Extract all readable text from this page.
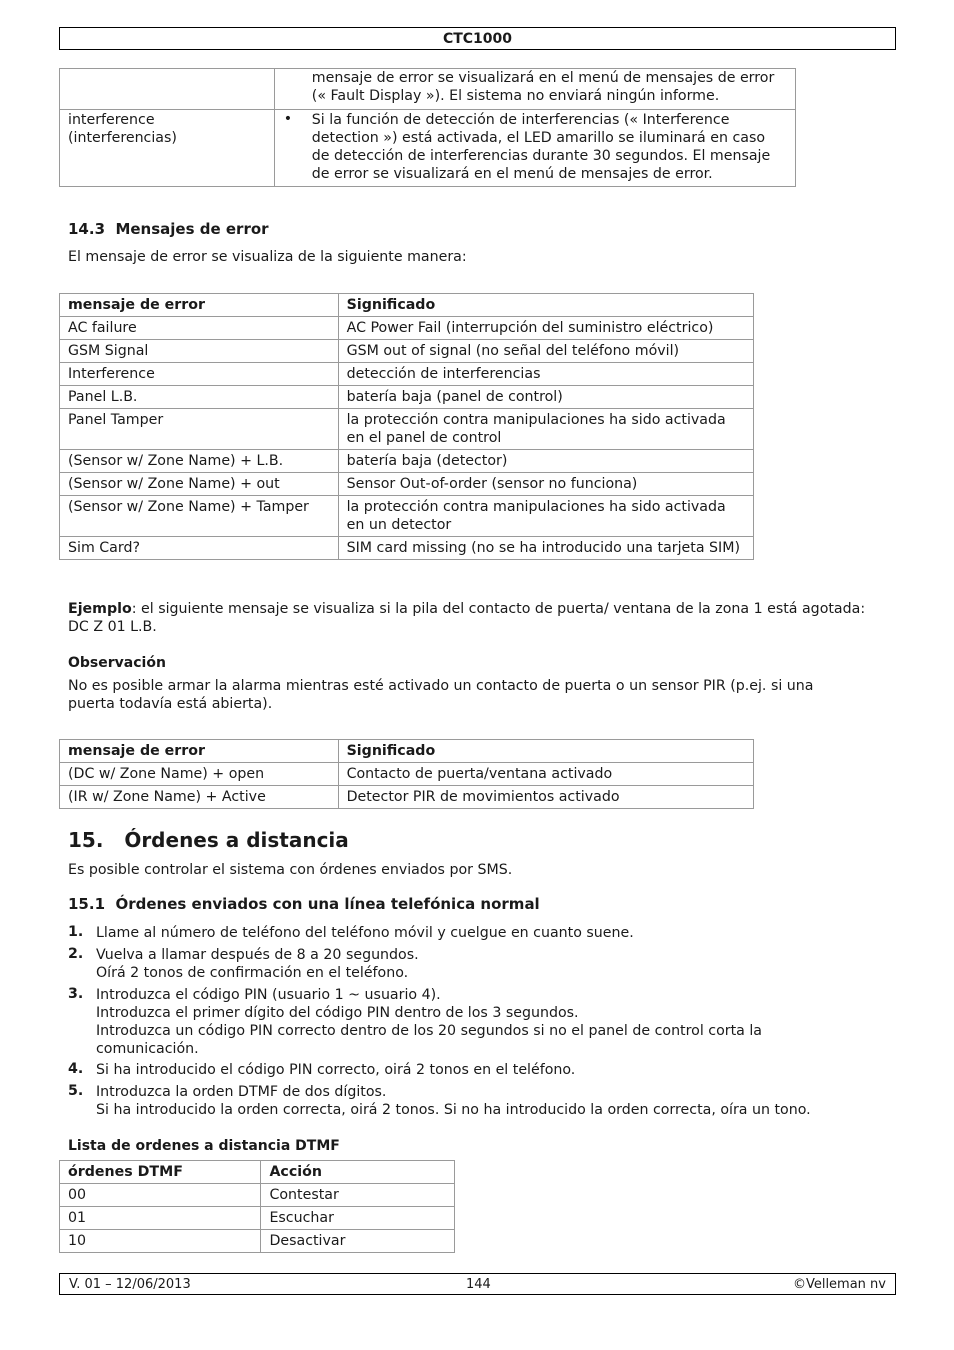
CTC1000
	mensaje de error se visualizará en el menú de mensajes de error (« Fault Display »). El sistema no enviará ningún informe.
interference (interferencias)	• Si la función de detección de interferencias (« Interference detection ») está activada, el LED amarillo se iluminará en caso de detección de interferencias durante 30 segundos. El mensaje de error se visualizará en el menú de mensajes de error.
14.3  Mensajes de error

El mensaje de error se visualiza de la siguiente manera:

mensaje de error	Significado
AC failure	AC Power Fail (interrupción del suministro eléctrico)
GSM Signal	GSM out of signal (no señal del teléfono móvil)
Interference	detección de interferencias
Panel L.B.	batería baja (panel de control)
Panel Tamper	la protección contra manipulaciones ha sido activada en el panel de control
(Sensor w/ Zone Name) + L.B.	batería baja (detector)
(Sensor w/ Zone Name) + out	Sensor Out-of-order (sensor no funciona)
(Sensor w/ Zone Name) + Tamper	la protección contra manipulaciones ha sido activada en un detector
Sim Card?	SIM card missing (no se ha introducido una tarjeta SIM)

Ejemplo: el siguiente mensaje se visualiza si la pila del contacto de puerta/ ventana de la zona 1 está agotada:
DC Z 01 L.B.

Observación

No es posible armar la alarma mientras esté activado un contacto de puerta o un sensor PIR (p.ej. si una puerta todavía está abierta).

mensaje de error	Significado
(DC w/ Zone Name) + open	Contacto de puerta/ventana activado
(IR w/ Zone Name) + Active	Detector PIR de movimientos activado
15.   Órdenes a distancia

Es posible controlar el sistema con órdenes enviados por SMS.

15.1  Órdenes enviados con una línea telefónica normal
1. Llame al número de teléfono del teléfono móvil y cuelgue en cuanto suene.
2. Vuelva a llamar después de 8 a 20 segundos.
Oírá 2 tonos de confirmación en el teléfono.
3. Introduzca el código PIN (usuario 1 ~ usuario 4).
Introduzca el primer dígito del código PIN dentro de los 3 segundos.
Introduzca un código PIN correcto dentro de los 20 segundos si no el panel de control corta la
comunicación.
4. Si ha introducido el código PIN correcto, oirá 2 tonos en el teléfono.
5. Introduzca la orden DTMF de dos dígitos.
Si ha introducido la orden correcta, oirá 2 tonos. Si no ha introducido la orden correcta, oíra un tono.
Lista de ordenes a distancia DTMF
órdenes DTMF	Acción
00	Contestar
01	Escuchar
10	Desactivar
V. 01 – 12/06/2013	144	©Velleman nv
